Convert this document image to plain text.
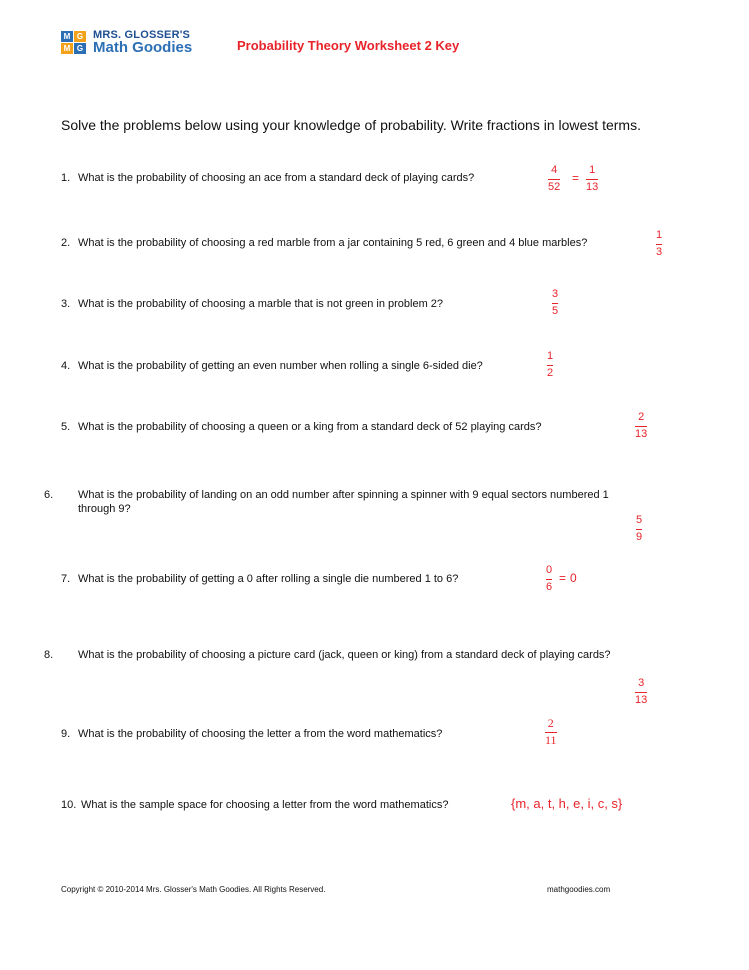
M G
M G
MRS. GLOSSER'S
Math Goodies	Probability Theory Worksheet 2 Key
Solve the problems below using your knowledge of probability. Write fractions in lowest terms.
1. What is the probability of choosing an ace from a standard deck of playing cards?
4
52
=
1
13
2. What is the probability of choosing a red marble from a jar containing 5 red, 6 green and 4 blue marbles?
1
3
3. What is the probability of choosing a marble that is not green in problem 2?
3
5
4. What is the probability of getting an even number when rolling a single 6-sided die?
1
2
5. What is the probability of choosing a queen or a king from a standard deck of 52 playing cards?
2
13
6. What is the probability of landing on an odd number after spinning a spinner with 9 equal sectors numbered 1 through 9?
5
9
7. What is the probability of getting a 0 after rolling a single die numbered 1 to 6?
0
6
= 0
8. What is the probability of choosing a picture card (jack, queen or king) from a standard deck of playing cards?
3
13
9. What is the probability of choosing the letter a from the word mathematics?
2
11
10. What is the sample space for choosing a letter from the word mathematics?	{m, a, t, h, e, i, c, s}
Copyright © 2010-2014 Mrs. Glosser's Math Goodies. All Rights Reserved.	mathgoodies.com
